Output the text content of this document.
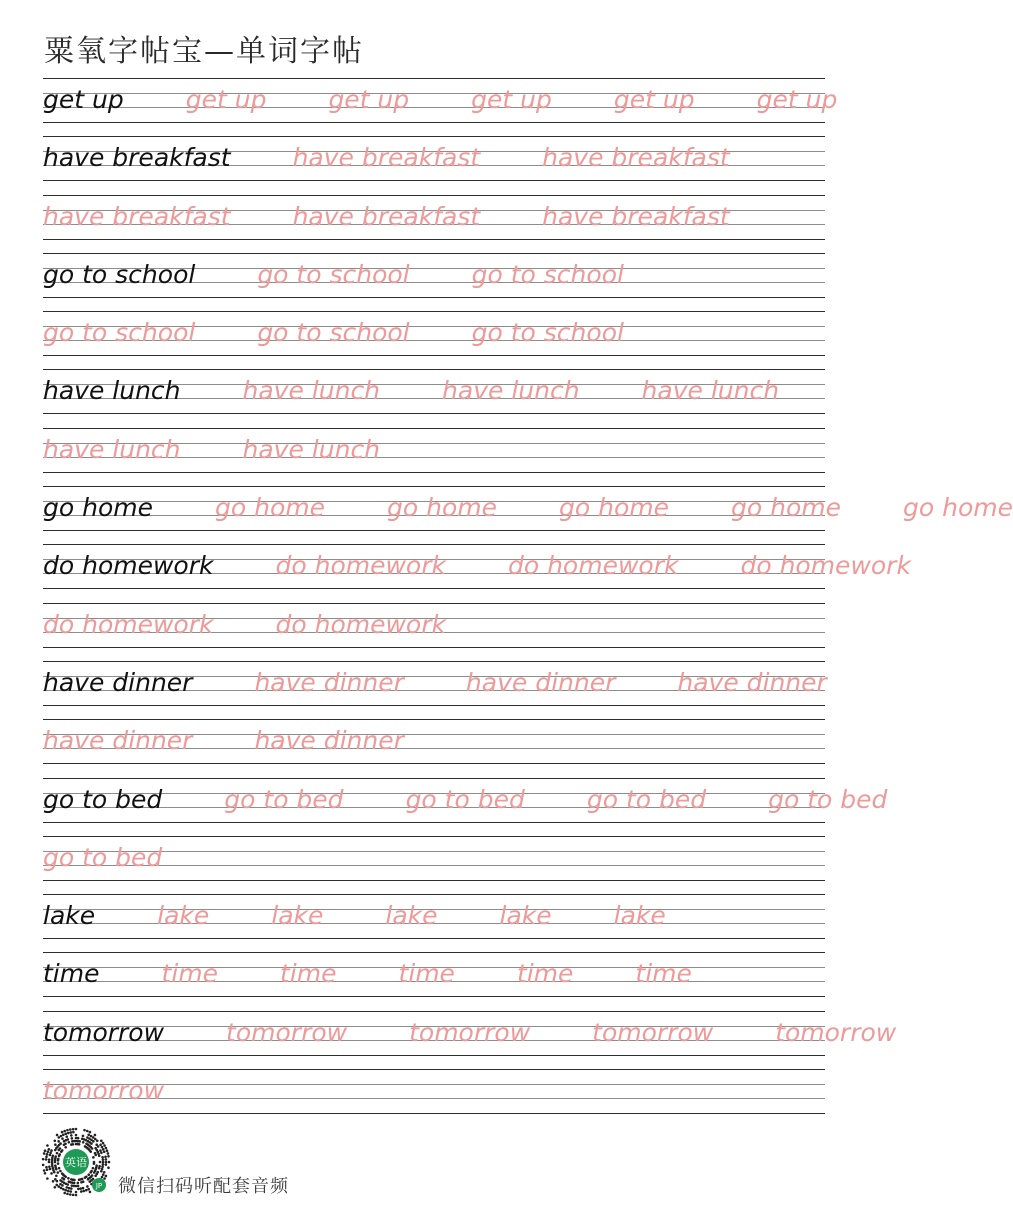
粟氧字帖宝—单词字帖
get up get up get up get up get up get up
have breakfast have breakfast have breakfast
have breakfast have breakfast have breakfast
go to school go to school go to school
go to school go to school go to school
have lunch have lunch have lunch have lunch
have lunch have lunch
go home go home go home go home go home go home
do homework do homework do homework do homework
do homework do homework
have dinner have dinner have dinner have dinner
have dinner have dinner
go to bed go to bed go to bed go to bed go to bed
go to bed
lake lake lake lake lake lake
time time time time time time
tomorrow tomorrow tomorrow tomorrow tomorrow
tomorrow
英语
JP 微信扫码听配套音频
